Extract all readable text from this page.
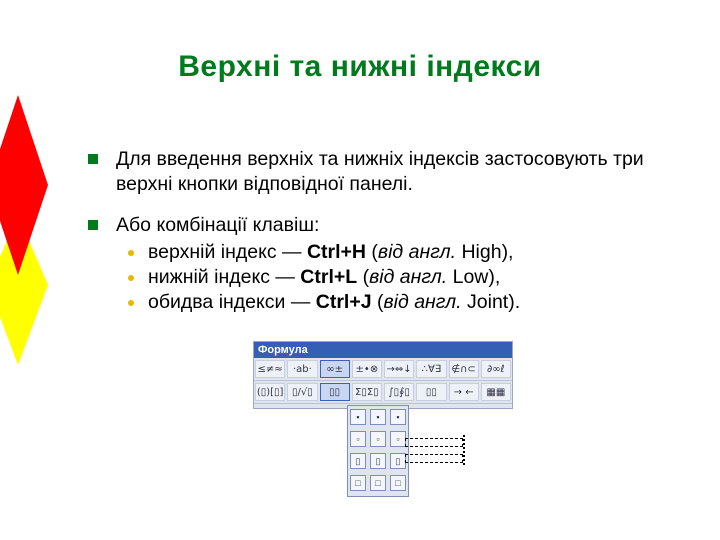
Верхні та нижні індекси
Для введення верхніх та нижніх індексів застосовують три верхні кнопки відповідної панелі.
Або комбінації клавіш:
верхній індекс — Ctrl+H (від англ. High),
нижній індекс — Ctrl+L (від англ. Low),
обидва індекси — Ctrl+J (від англ. Joint).
Формула
≤≠≈	·ab·	∞±	±•⊗ →⇔↓ ∴∀∃	∉∩⊂	∂∞ℓ
(▯)[▯] ▯/√▯	▯▯	Σ▯Σ▯ ∫▯∮▯	▯▯	→ ←	▦▦
▪	▪	▪
▫	▫	▫
▯	▯	▯
□	□	□
